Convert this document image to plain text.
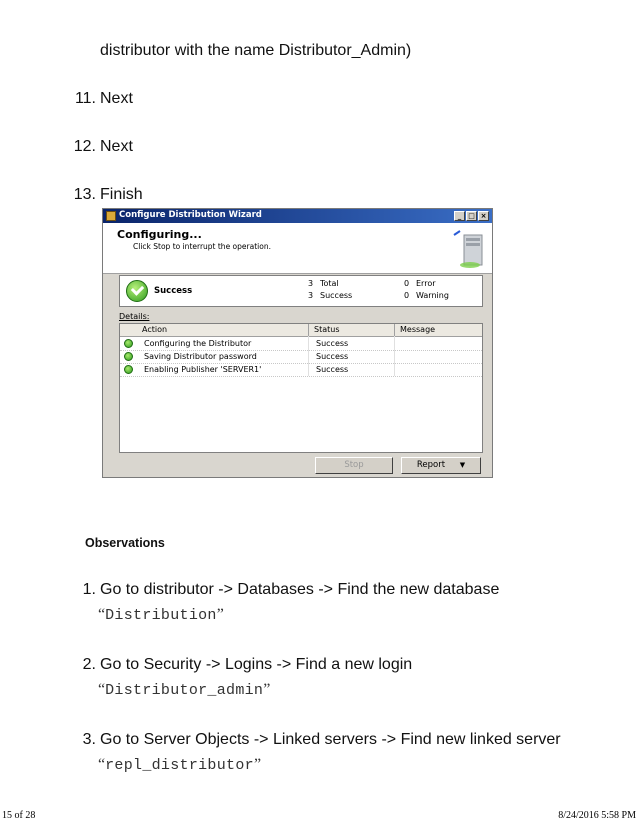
distributor with the name Distributor_Admin)
11. Next
12. Next
13. Finish
Configure Distribution Wizard	_ □ ×
Configuring...
Click Stop to interrupt the operation.
Success
3 Total
3 Success
0 Error
0 Warning
Details:
Action	Status	Message
Configuring the Distributor	Success
Saving Distributor password	Success
Enabling Publisher 'SERVER1'	Success
Stop	Report ▼
Observations
1. Go to distributor -> Databases -> Find the new database
“Distribution”
2. Go to Security -> Logins -> Find a new login
“Distributor_admin”
3. Go to Server Objects -> Linked servers -> Find new linked server
“repl_distributor”
15 of 28	8/24/2016 5:58 PM
